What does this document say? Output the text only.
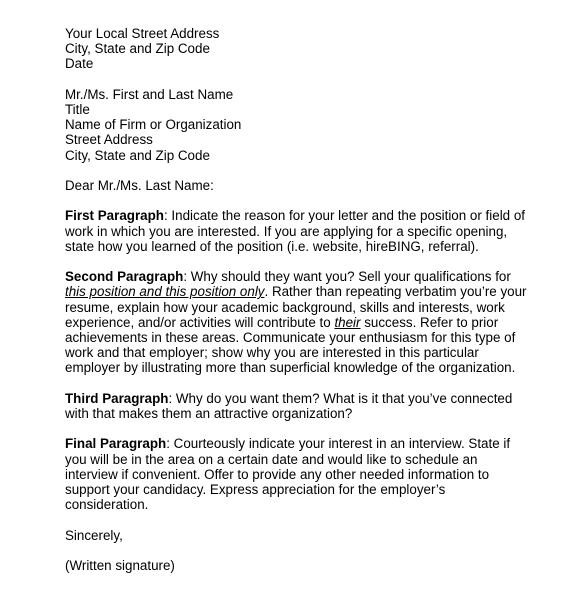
Your Local Street Address
City, State and Zip Code
Date
Mr./Ms. First and Last Name
Title
Name of Firm or Organization
Street Address
City, State and Zip Code
Dear Mr./Ms. Last Name:
First Paragraph: Indicate the reason for your letter and the position or field of
work in which you are interested. If you are applying for a specific opening,
state how you learned of the position (i.e. website, hireBING, referral).
Second Paragraph: Why should they want you? Sell your qualifications for
this position and this position only. Rather than repeating verbatim you’re your
resume, explain how your academic background, skills and interests, work
experience, and/or activities will contribute to their success. Refer to prior
achievements in these areas. Communicate your enthusiasm for this type of
work and that employer; show why you are interested in this particular
employer by illustrating more than superficial knowledge of the organization.
Third Paragraph: Why do you want them? What is it that you’ve connected
with that makes them an attractive organization?
Final Paragraph: Courteously indicate your interest in an interview. State if
you will be in the area on a certain date and would like to schedule an
interview if convenient. Offer to provide any other needed information to
support your candidacy. Express appreciation for the employer’s
consideration.
Sincerely,
(Written signature)
